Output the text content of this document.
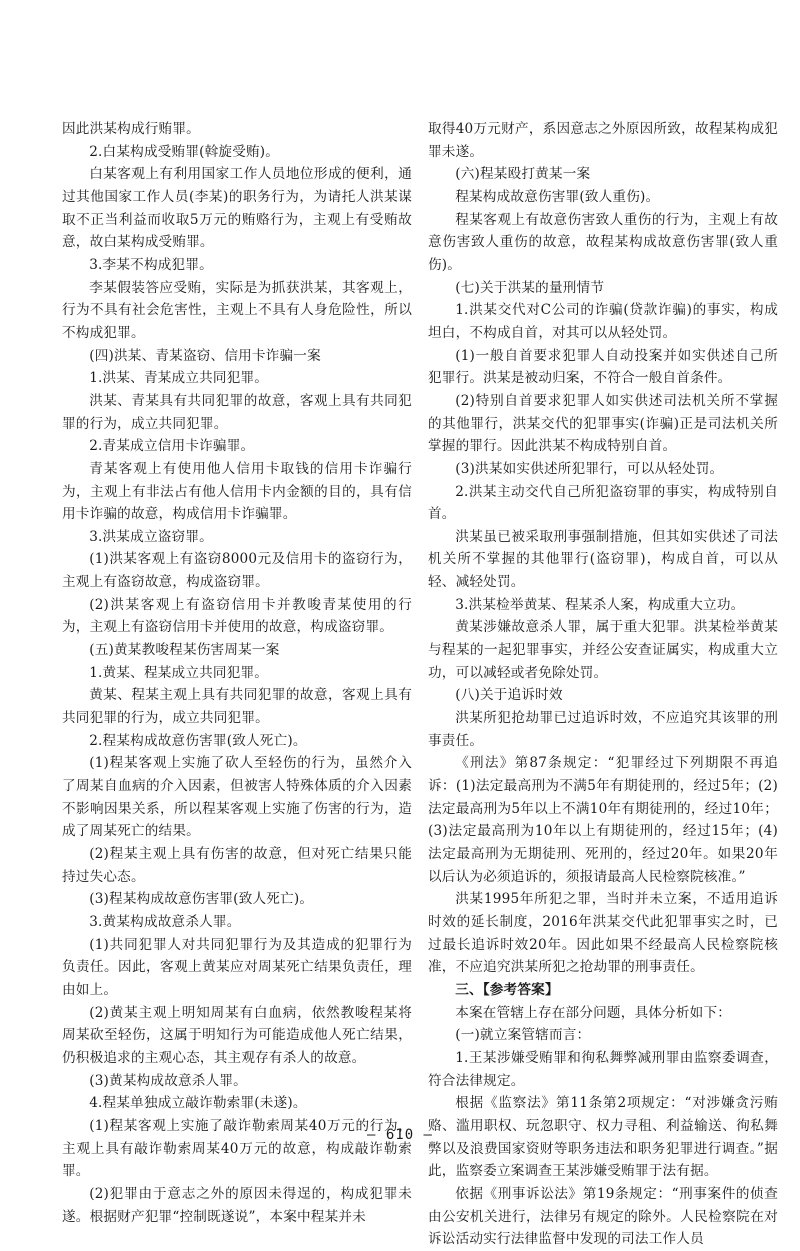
因此洪某构成行贿罪。

2.白某构成受贿罪(斡旋受贿)。

白某客观上有利用国家工作人员地位形成的便利，通过其他国家工作人员(李某)的职务行为，为请托人洪某谋取不正当利益而收取5万元的贿赂行为，主观上有受贿故意，故白某构成受贿罪。

3.李某不构成犯罪。

李某假装答应受贿，实际是为抓获洪某，其客观上，行为不具有社会危害性，主观上不具有人身危险性，所以不构成犯罪。

(四)洪某、青某盗窃、信用卡诈骗一案

1.洪某、青某成立共同犯罪。

洪某、青某具有共同犯罪的故意，客观上具有共同犯罪的行为，成立共同犯罪。

2.青某成立信用卡诈骗罪。

青某客观上有使用他人信用卡取钱的信用卡诈骗行为，主观上有非法占有他人信用卡内金额的目的，具有信用卡诈骗的故意，构成信用卡诈骗罪。

3.洪某成立盗窃罪。

(1)洪某客观上有盗窃8000元及信用卡的盗窃行为，主观上有盗窃故意，构成盗窃罪。

(2)洪某客观上有盗窃信用卡并教唆青某使用的行为，主观上有盗窃信用卡并使用的故意，构成盗窃罪。

(五)黄某教唆程某伤害周某一案

1.黄某、程某成立共同犯罪。

黄某、程某主观上具有共同犯罪的故意，客观上具有共同犯罪的行为，成立共同犯罪。

2.程某构成故意伤害罪(致人死亡)。

(1)程某客观上实施了砍人至轻伤的行为，虽然介入了周某自血病的介入因素，但被害人特殊体质的介入因素不影响因果关系，所以程某客观上实施了伤害的行为，造成了周某死亡的结果。

(2)程某主观上具有伤害的故意，但对死亡结果只能持过失心态。

(3)程某构成故意伤害罪(致人死亡)。

3.黄某构成故意杀人罪。

(1)共同犯罪人对共同犯罪行为及其造成的犯罪行为负责任。因此，客观上黄某应对周某死亡结果负责任，理由如上。

(2)黄某主观上明知周某有白血病，依然教唆程某将周某砍至轻伤，这属于明知行为可能造成他人死亡结果，仍积极追求的主观心态，其主观存有杀人的故意。

(3)黄某构成故意杀人罪。

4.程某单独成立敲诈勒索罪(未遂)。

(1)程某客观上实施了敲诈勒索周某40万元的行为，主观上具有敲诈勒索周某40万元的故意，构成敲诈勒索罪。

(2)犯罪由于意志之外的原因未得逞的，构成犯罪未遂。根据财产犯罪“控制既遂说”，本案中程某并未

取得40万元财产，系因意志之外原因所致，故程某构成犯罪未遂。

(六)程某殴打黄某一案

程某构成故意伤害罪(致人重伤)。

程某客观上有故意伤害致人重伤的行为，主观上有故意伤害致人重伤的故意，故程某构成故意伤害罪(致人重伤)。

(七)关于洪某的量刑情节

1.洪某交代对C公司的诈骗(贷款诈骗)的事实，构成坦白，不构成自首，对其可以从轻处罚。

(1)一般自首要求犯罪人自动投案并如实供述自己所犯罪行。洪某是被动归案，不符合一般自首条件。

(2)特别自首要求犯罪人如实供述司法机关所不掌握的其他罪行，洪某交代的犯罪事实(诈骗)正是司法机关所掌握的罪行。因此洪某不构成特别自首。

(3)洪某如实供述所犯罪行，可以从轻处罚。

2.洪某主动交代自己所犯盗窃罪的事实，构成特别自首。

洪某虽已被采取刑事强制措施，但其如实供述了司法机关所不掌握的其他罪行(盗窃罪)，构成自首，可以从轻、减轻处罚。

3.洪某检举黄某、程某杀人案，构成重大立功。

黄某涉嫌故意杀人罪，属于重大犯罪。洪某检举黄某与程某的一起犯罪事实，并经公安查证属实，构成重大立功，可以减轻或者免除处罚。

(八)关于追诉时效

洪某所犯抢劫罪已过追诉时效，不应追究其该罪的刑事责任。

《刑法》第87条规定：“犯罪经过下列期限不再追诉：(1)法定最高刑为不满5年有期徒刑的，经过5年；(2)法定最高刑为5年以上不满10年有期徒刑的，经过10年；(3)法定最高刑为10年以上有期徒刑的，经过15年；(4)法定最高刑为无期徒刑、死刑的，经过20年。如果20年以后认为必须追诉的，须报请最高人民检察院核准。”

洪某1995年所犯之罪，当时并未立案，不适用追诉时效的延长制度，2016年洪某交代此犯罪事实之时，已过最长追诉时效20年。因此如果不经最高人民检察院核准，不应追究洪某所犯之抢劫罪的刑事责任。

三、【参考答案】

本案在管辖上存在部分问题，具体分析如下：

(一)就立案管辖而言：

1.王某涉嫌受贿罪和徇私舞弊减刑罪由监察委调查，符合法律规定。

根据《监察法》第11条第2项规定：“对涉嫌贪污贿赂、滥用职权、玩忽职守、权力寻租、利益输送、徇私舞弊以及浪费国家资财等职务违法和职务犯罪进行调查。”据此，监察委立案调查王某涉嫌受贿罪于法有据。

依据《刑事诉讼法》第19条规定：“刑事案件的侦查由公安机关进行，法律另有规定的除外。人民检察院在对诉讼活动实行法律监督中发现的司法工作人员

— 610 —
